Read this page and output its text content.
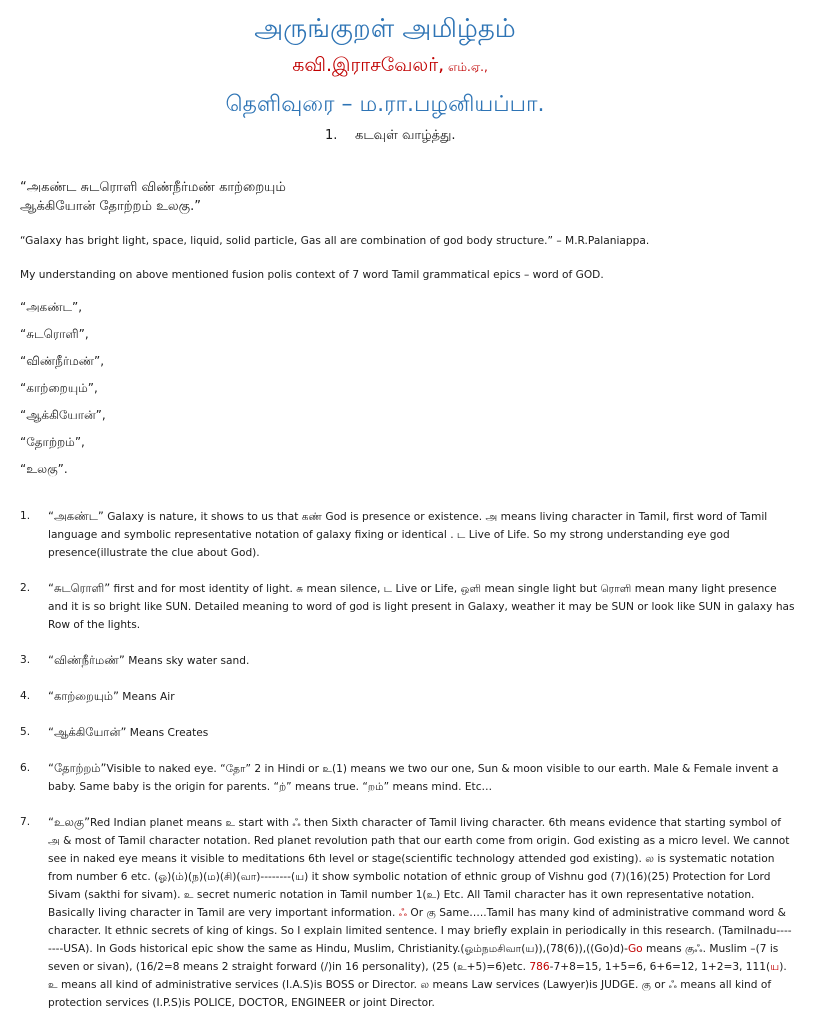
அருங்குறள் அமிழ்தம்
கவி.இராசவேலர், எம்.ஏ.,
தெளிவுரை – ம.ரா.பழனியப்பா.
1. கடவுள் வாழ்த்து.
“அகண்ட சுடரொளி விண்நீர்மண் காற்றையும்
ஆக்கியோன் தோற்றம் உலகு.”
“Galaxy has bright light, space, liquid, solid particle, Gas all are combination of god body structure.” – M.R.Palaniappa.
My understanding on above mentioned fusion polis context of 7 word Tamil grammatical epics – word of GOD.
“அகண்ட”,
“சுடரொளி”,
“விண்நீர்மண்”,
“காற்றையும்”,
“ஆக்கியோன்”,
“தோற்றம்”,
“உலகு”.
1.	“அகண்ட” Galaxy is nature, it shows to us that கண் God is presence or existence. அ means living character in Tamil, first word of Tamil language and symbolic representative notation of galaxy fixing or identical . ட Live of Life. So my strong understanding eye god presence(illustrate the clue about God).
2.	“சுடரொளி” first and for most identity of light. சு mean silence, ட Live or Life, ஒளி mean single light but ரொளி mean many light presence and it is so bright like SUN. Detailed meaning to word of god is light present in Galaxy, weather it may be SUN or look like SUN in galaxy has Row of the lights.
3.	“விண்நீர்மண்” Means sky water sand.
4.	“காற்றையும்” Means Air
5.	“ஆக்கியோன்” Means Creates
6.	“தோற்றம்”Visible to naked eye. “தோ” 2 in Hindi or உ(1) means we two our one, Sun & moon visible to our earth. Male & Female invent a baby. Same baby is the origin for parents. “ற்” means true. “றம்” means mind. Etc…
7.	“உலகு”Red Indian planet means உ start with ஃ then Sixth character of Tamil living character. 6th means evidence that starting symbol of அ & most of Tamil character notation. Red planet revolution path that our earth come from origin. God existing as a micro level. We cannot see in naked eye means it visible to meditations 6th level or stage(scientific technology attended god existing). ல is systematic notation from number 6 etc. (ஓ)(ம்)(ந)(ம)(சி)(வா)--------(ய) it show symbolic notation of ethnic group of Vishnu god (7)(16)(25) Protection for Lord Sivam (sakthi for sivam). உ secret numeric notation in Tamil number 1(உ) Etc. All Tamil character has it own representative notation. Basically living character in Tamil are very important information. ஃ Or கு Same…..Tamil has many kind of administrative command word & character. It ethnic secrets of king of kings. So I explain limited sentence. I may briefly explain in periodically in this research. (Tamilnadu--------USA). In Gods historical epic show the same as Hindu, Muslim, Christianity.(ஓம்நமசிவா(ய)),(78(6)),((Go)d)-Go means குஃ. Muslim –(7 is seven or sivan), (16/2=8 means 2 straight forward (/)in 16 personality), (25 (உ+5)=6)etc. 786-7+8=15, 1+5=6, 6+6=12, 1+2=3, 111(ய). உ means all kind of administrative services (I.A.S)is BOSS or Director. ல means Law services (Lawyer)is JUDGE. கு or ஃ means all kind of protection services (I.P.S)is POLICE, DOCTOR, ENGINEER or joint Director.
